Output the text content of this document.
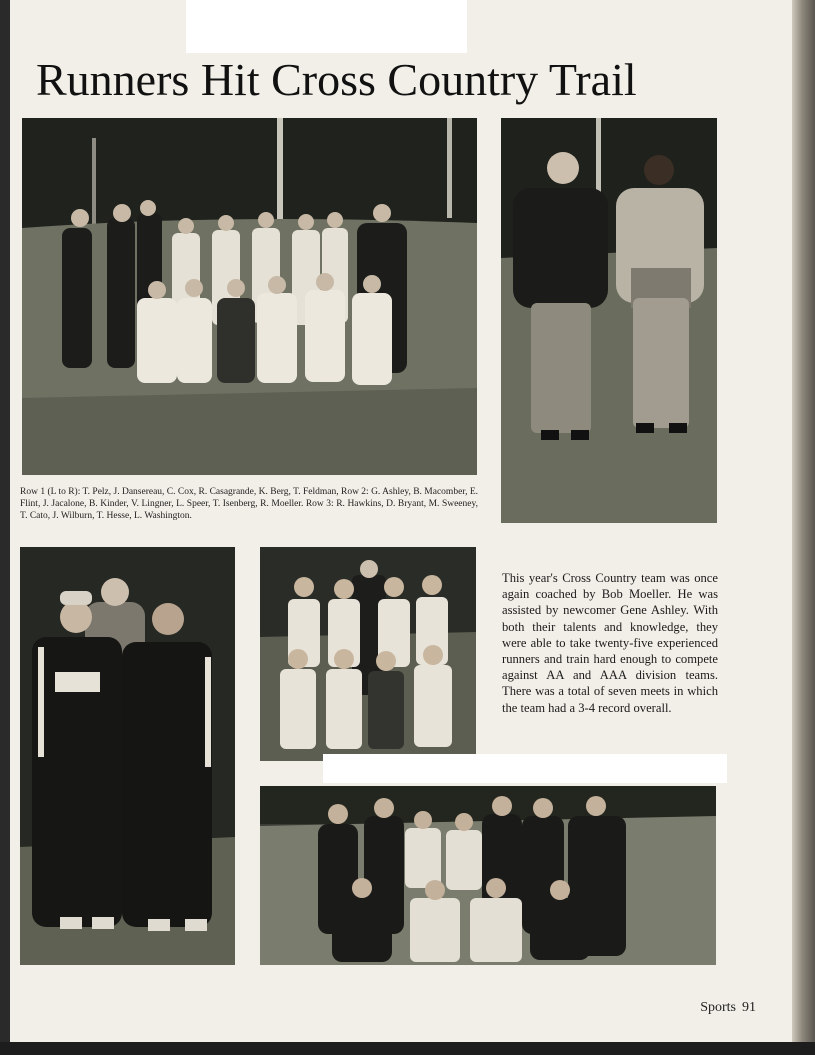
Runners Hit Cross Country Trail

Row 1 (L to R): T. Pelz, J. Dansereau, C. Cox, R. Casagrande, K. Berg, T. Feldman, Row 2: G. Ashley, B. Macomber, E. Flint, J. Jacalone, B. Kinder, V. Lingner, L. Speer, T. Isenberg, R. Moeller. Row 3: R. Hawkins, D. Bryant, M. Sweeney, T. Cato, J. Wilburn, T. Hesse, L. Washington.

This year's Cross Country team was once again coached by Bob Moeller. He was assisted by newcomer Gene Ashley. With both their talents and knowledge, they were able to take twenty-five experienced runners and train hard enough to compete against AA and AAA division teams. There was a total of seven meets in which the team had a 3-4 record overall.

Sports 91
